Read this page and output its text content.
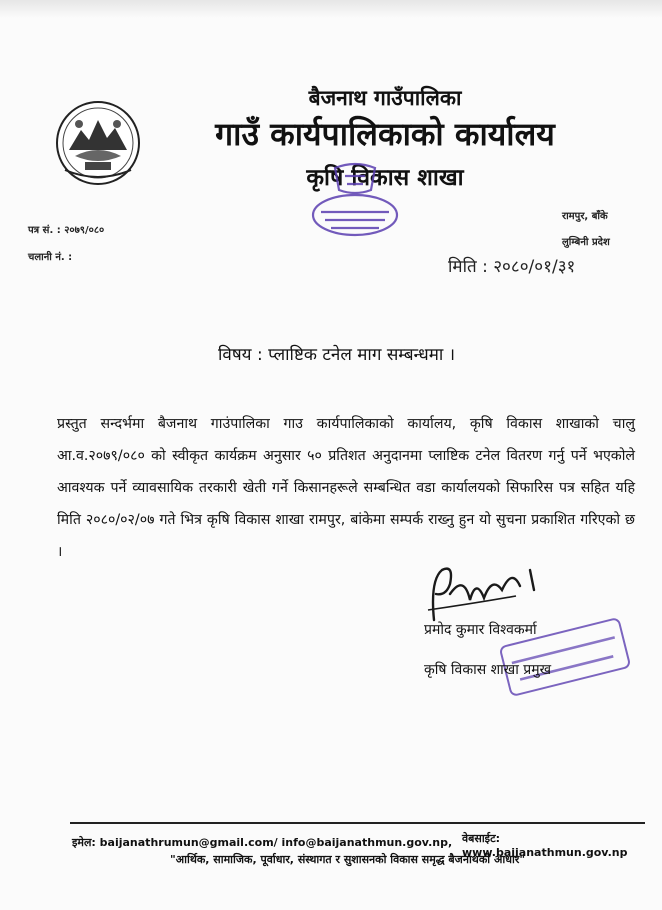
बैजनाथ गाउँपालिका
गाउँ कार्यपालिकाको कार्यालय
कृषि विकास शाखा
पत्र सं. : २०७९/०८०
चलानी नं. :
रामपुर, बाँके
लुम्बिनी प्रदेश
मिति : २०८०/०१/३१
विषय : प्लाष्टिक टनेल माग सम्बन्धमा ।
प्रस्तुत सन्दर्भमा बैजनाथ गाउंपालिका गाउ कार्यपालिकाको कार्यालय, कृषि विकास शाखाको चालु आ.व.२०७९/०८० को स्वीकृत कार्यक्रम अनुसार ५० प्रतिशत अनुदानमा प्लाष्टिक टनेल वितरण गर्नु पर्ने भएकोले आवश्यक पर्ने व्यावसायिक तरकारी खेती गर्ने किसानहरूले सम्बन्धित वडा कार्यालयको सिफारिस पत्र सहित यहि मिति २०८०/०२/०७ गते भित्र कृषि विकास शाखा रामपुर, बांकेमा सम्पर्क राख्नु हुन यो सुचना प्रकाशित गरिएको छ ।
प्रमोद कुमार विश्वकर्मा
कृषि विकास शाखा प्रमुख
इमेल: baijanathrumun@gmail.com/ info@baijanathmun.gov.np, वेबसाईट: www.baijanathmun.gov.np
"आर्थिक, सामाजिक, पूर्वाधार, संस्थागत र सुशासनको विकास समृद्ध बैजनाथको आधार"
